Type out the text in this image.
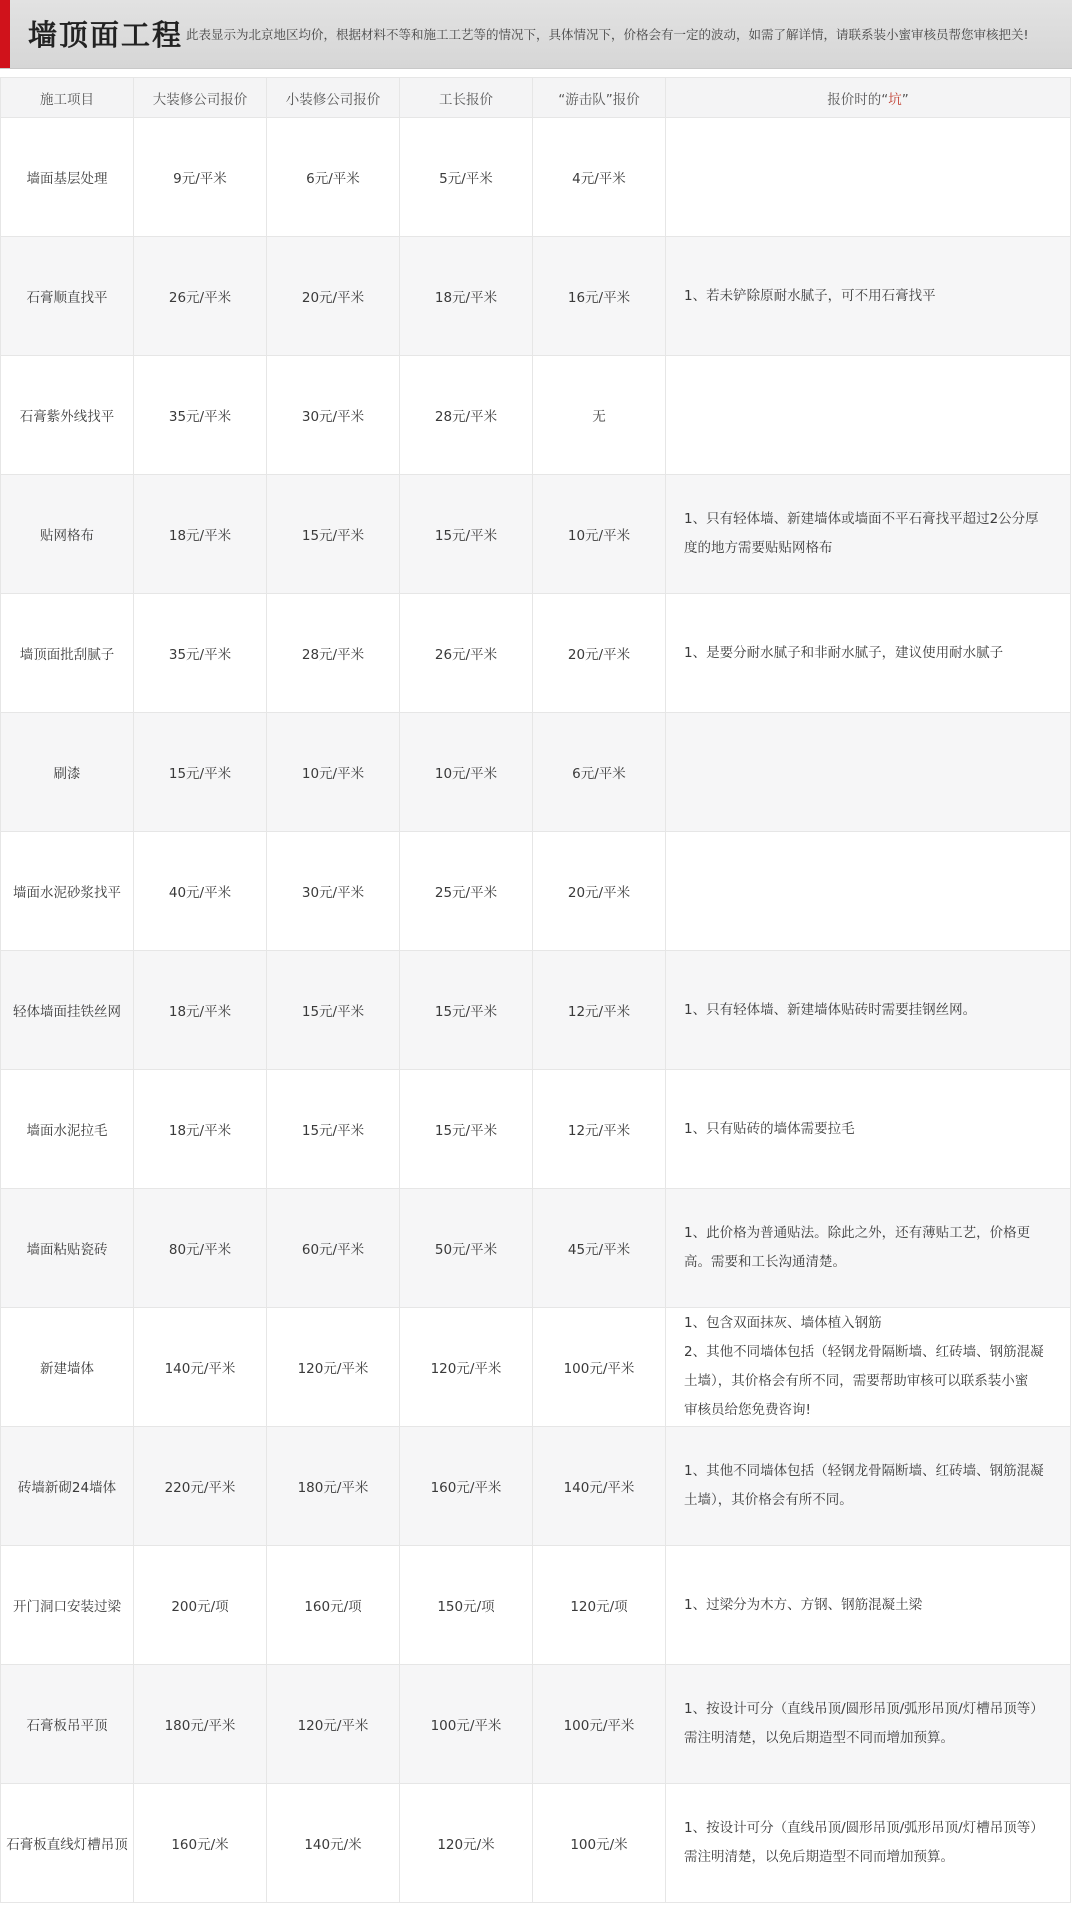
墙顶面工程 此表显示为北京地区均价，根据材料不等和施工工艺等的情况下，具体情况下，价格会有一定的波动，如需了解详情，请联系装小蜜审核员帮您审核把关!
施工项目	大装修公司报价	小装修公司报价	工长报价	“游击队”报价	报价时的“坑”
墙面基层处理	9元/平米	6元/平米	5元/平米	4元/平米	
石膏顺直找平	26元/平米	20元/平米	18元/平米	16元/平米	1、若未铲除原耐水腻子，可不用石膏找平
石膏紫外线找平	35元/平米	30元/平米	28元/平米	无	
贴网格布	18元/平米	15元/平米	15元/平米	10元/平米	1、只有轻体墙、新建墙体或墙面不平石膏找平超过2公分厚
度的地方需要贴贴网格布
墙顶面批刮腻子	35元/平米	28元/平米	26元/平米	20元/平米	1、是要分耐水腻子和非耐水腻子，建议使用耐水腻子
刷漆	15元/平米	10元/平米	10元/平米	6元/平米	
墙面水泥砂浆找平	40元/平米	30元/平米	25元/平米	20元/平米	
轻体墙面挂铁丝网	18元/平米	15元/平米	15元/平米	12元/平米	1、只有轻体墙、新建墙体贴砖时需要挂钢丝网。
墙面水泥拉毛	18元/平米	15元/平米	15元/平米	12元/平米	1、只有贴砖的墙体需要拉毛
墙面粘贴瓷砖	80元/平米	60元/平米	50元/平米	45元/平米	1、此价格为普通贴法。除此之外，还有薄贴工艺，价格更
高。需要和工长沟通清楚。
新建墙体	140元/平米	120元/平米	120元/平米	100元/平米	1、包含双面抹灰、墙体植入钢筋
2、其他不同墙体包括（轻钢龙骨隔断墙、红砖墙、钢筋混凝
土墙），其价格会有所不同，需要帮助审核可以联系装小蜜
审核员给您免费咨询!
砖墙新砌24墙体	220元/平米	180元/平米	160元/平米	140元/平米	1、其他不同墙体包括（轻钢龙骨隔断墙、红砖墙、钢筋混凝
土墙），其价格会有所不同。
开门洞口安装过梁	200元/项	160元/项	150元/项	120元/项	1、过梁分为木方、方钢、钢筋混凝土梁
石膏板吊平顶	180元/平米	120元/平米	100元/平米	100元/平米	1、按设计可分（直线吊顶/圆形吊顶/弧形吊顶/灯槽吊顶等）
需注明清楚，以免后期造型不同而增加预算。
石膏板直线灯槽吊顶	160元/米	140元/米	120元/米	100元/米	1、按设计可分（直线吊顶/圆形吊顶/弧形吊顶/灯槽吊顶等）
需注明清楚，以免后期造型不同而增加预算。
